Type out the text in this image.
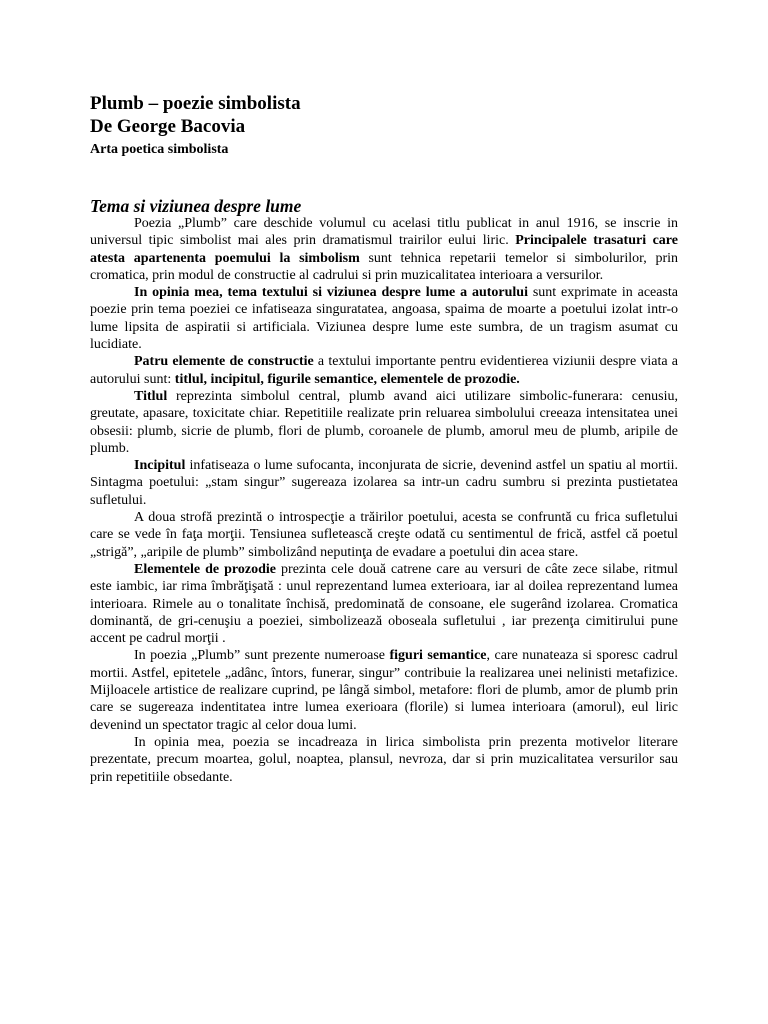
Plumb – poezie simbolista

De George Bacovia

Arta poetica simbolista

Tema si viziunea despre lume

Poezia „Plumb” care deschide volumul cu acelasi titlu publicat in anul 1916, se inscrie in universul tipic simbolist mai ales prin dramatismul trairilor eului liric. Principalele trasaturi care atesta apartenenta poemului la simbolism sunt tehnica repetarii temelor si simbolurilor, prin cromatica, prin modul de constructie al cadrului si prin muzicalitatea interioara a versurilor.

In opinia mea, tema textului si viziunea despre lume a autorului sunt exprimate in aceasta poezie prin tema poeziei ce infatiseaza singuratatea, angoasa, spaima de moarte a poetului izolat intr-o lume lipsita de aspiratii si artificiala. Viziunea despre lume este sumbra, de un tragism asumat cu lucidiate.

Patru elemente de constructie a textului importante pentru evidentierea viziunii despre viata a autorului sunt: titlul, incipitul, figurile semantice, elementele de prozodie.

Titlul reprezinta simbolul central, plumb avand aici utilizare simbolic-funerara: cenusiu, greutate, apasare, toxicitate chiar. Repetitiile realizate prin reluarea simbolului creeaza intensitatea unei obsesii: plumb, sicrie de plumb, flori de plumb, coroanele de plumb, amorul meu de plumb, aripile de plumb.

Incipitul infatiseaza o lume sufocanta, inconjurata de sicrie, devenind astfel un spatiu al mortii. Sintagma poetului: „stam singur” sugereaza izolarea sa intr-un cadru sumbru si prezinta pustietatea sufletului.

A doua strofă prezintă o introspecţie a trăirilor poetului, acesta se confruntă cu frica sufletului care se vede în faţa morţii. Tensiunea sufletească creşte odată cu sentimentul de frică, astfel că poetul „strigă”, „aripile de plumb” simbolizând neputinţa de evadare a poetului din acea stare.

Elementele de prozodie prezinta cele două catrene care au versuri de câte zece silabe, ritmul este iambic, iar rima îmbrăţişată : unul reprezentand lumea exterioara, iar al doilea reprezentand lumea interioara. Rimele au o tonalitate închisă, predominată de consoane, ele sugerând izolarea. Cromatica dominantă, de gri-cenuşiu a poeziei, simbolizează oboseala sufletului , iar prezenţa cimitirului pune accent pe cadrul morţii .

In poezia „Plumb” sunt prezente numeroase figuri semantice, care nunateaza si sporesc cadrul mortii. Astfel, epitetele „adânc, întors, funerar, singur” contribuie la realizarea unei nelinisti metafizice. Mijloacele artistice de realizare cuprind, pe lângă simbol, metafore: flori de plumb, amor de plumb prin care se sugereaza indentitatea intre lumea exerioara (florile) si lumea interioara (amorul), eul liric devenind un spectator tragic al celor doua lumi.

In opinia mea, poezia se incadreaza in lirica simbolista prin prezenta motivelor literare prezentate, precum moartea, golul, noaptea, plansul, nevroza, dar si prin muzicalitatea versurilor sau prin repetitiile obsedante.
